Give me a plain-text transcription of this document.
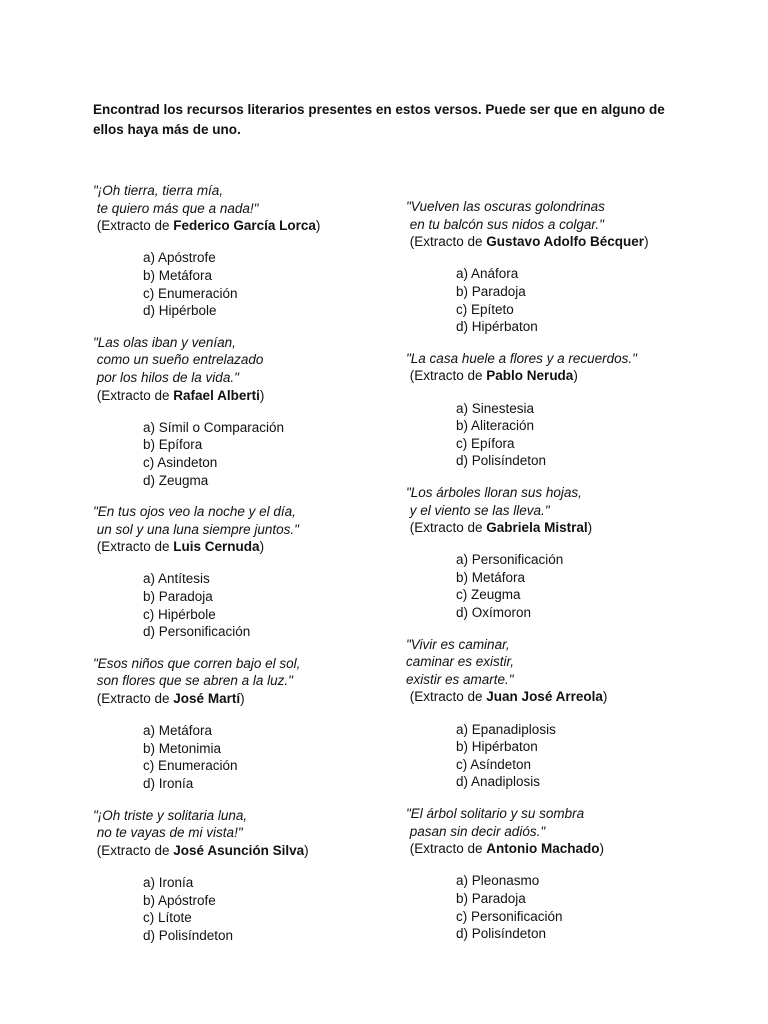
Encontrad los recursos literarios presentes en estos versos. Puede ser que en alguno de ellos haya más de uno.
"¡Oh tierra, tierra mía,
te quiero más que a nada!"
(Extracto de Federico García Lorca)
a) Apóstrofe
b) Metáfora
c) Enumeración
d) Hipérbole
"Las olas iban y venían,
como un sueño entrelazado
por los hilos de la vida."
(Extracto de Rafael Alberti)
a) Símil o Comparación
b) Epífora
c) Asindeton
d) Zeugma
"En tus ojos veo la noche y el día,
un sol y una luna siempre juntos."
(Extracto de Luis Cernuda)
a) Antítesis
b) Paradoja
c) Hipérbole
d) Personificación
"Esos niños que corren bajo el sol,
son flores que se abren a la luz."
(Extracto de José Martí)
a) Metáfora
b) Metonimia
c) Enumeración
d) Ironía
"¡Oh triste y solitaria luna,
no te vayas de mi vista!"
(Extracto de José Asunción Silva)
a) Ironía
b) Apóstrofe
c) Lítote
d) Polisíndeton
"Vuelven las oscuras golondrinas
en tu balcón sus nidos a colgar."
(Extracto de Gustavo Adolfo Bécquer)
a) Anáfora
b) Paradoja
c) Epíteto
d) Hipérbaton
"La casa huele a flores y a recuerdos."
(Extracto de Pablo Neruda)
a) Sinestesia
b) Aliteración
c) Epífora
d) Polisíndeton
"Los árboles lloran sus hojas,
y el viento se las lleva."
(Extracto de Gabriela Mistral)
a) Personificación
b) Metáfora
c) Zeugma
d) Oxímoron
"Vivir es caminar,
caminar es existir,
existir es amarte."
(Extracto de Juan José Arreola)
a) Epanadiplosis
b) Hipérbaton
c) Asíndeton
d) Anadiplosis
"El árbol solitario y su sombra
pasan sin decir adiós."
(Extracto de Antonio Machado)
a) Pleonasmo
b) Paradoja
c) Personificación
d) Polisíndeton
